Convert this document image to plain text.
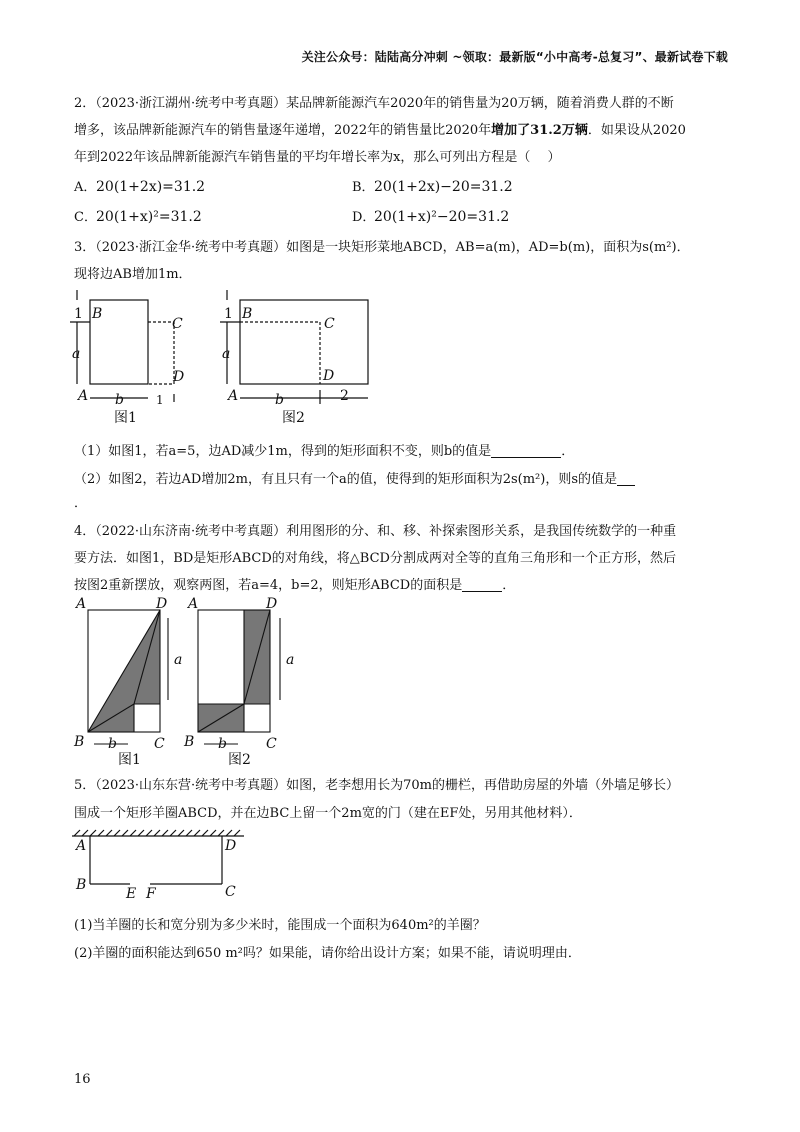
关注公众号：陆陆高分冲刺 ~领取：最新版“小中高考-总复习”、最新试卷下载
2．（2023·浙江湖州·统考中考真题）某品牌新能源汽车2020年的销售量为20万辆，随着消费人群的不断
增多，该品牌新能源汽车的销售量逐年递增，2022年的销售量比2020年增加了31.2万辆．如果设从2020
年到2022年该品牌新能源汽车销售量的平均年增长率为x，那么可列出方程是（　 ）
A．20(1+2x)=31.2	B．20(1+2x)−20=31.2
C．20(1+x)²=31.2	D．20(1+x)²−20=31.2
3．（2023·浙江金华·统考中考真题）如图是一块矩形菜地ABCD，AB=a(m)，AD=b(m)，面积为s(m²)．
现将边AB增加1m．
1 B
C
a
D
A b	1
图1
1 B
C
a
D
A	b	2
图2
（1）如图1，若a=5，边AD减少1m，得到的矩形面积不变，则b的值是	．
（2）如图2，若边AD增加2m，有且只有一个a的值，使得到的矩形面积为2s(m²)，则s的值是
．
4．（2022·山东济南·统考中考真题）利用图形的分、和、移、补探索图形关系，是我国传统数学的一种重
要方法．如图1，BD是矩形ABCD的对角线，将△BCD分割成两对全等的直角三角形和一个正方形，然后
按图2重新摆放，观察两图，若a=4，b=2，则矩形ABCD的面积是	．
A	D
a
B b	C
图1
A	D
a
B b	C
图2
5．（2023·山东东营·统考中考真题）如图，老李想用长为70m的栅栏，再借助房屋的外墙（外墙足够长）
围成一个矩形羊圈ABCD，并在边BC上留一个2m宽的门（建在EF处，另用其他材料）．
A	D
B	C
E F
(1)当羊圈的长和宽分别为多少米时，能围成一个面积为640m²的羊圈？
(2)羊圈的面积能达到650 m²吗？如果能，请你给出设计方案；如果不能，请说明理由．
16
